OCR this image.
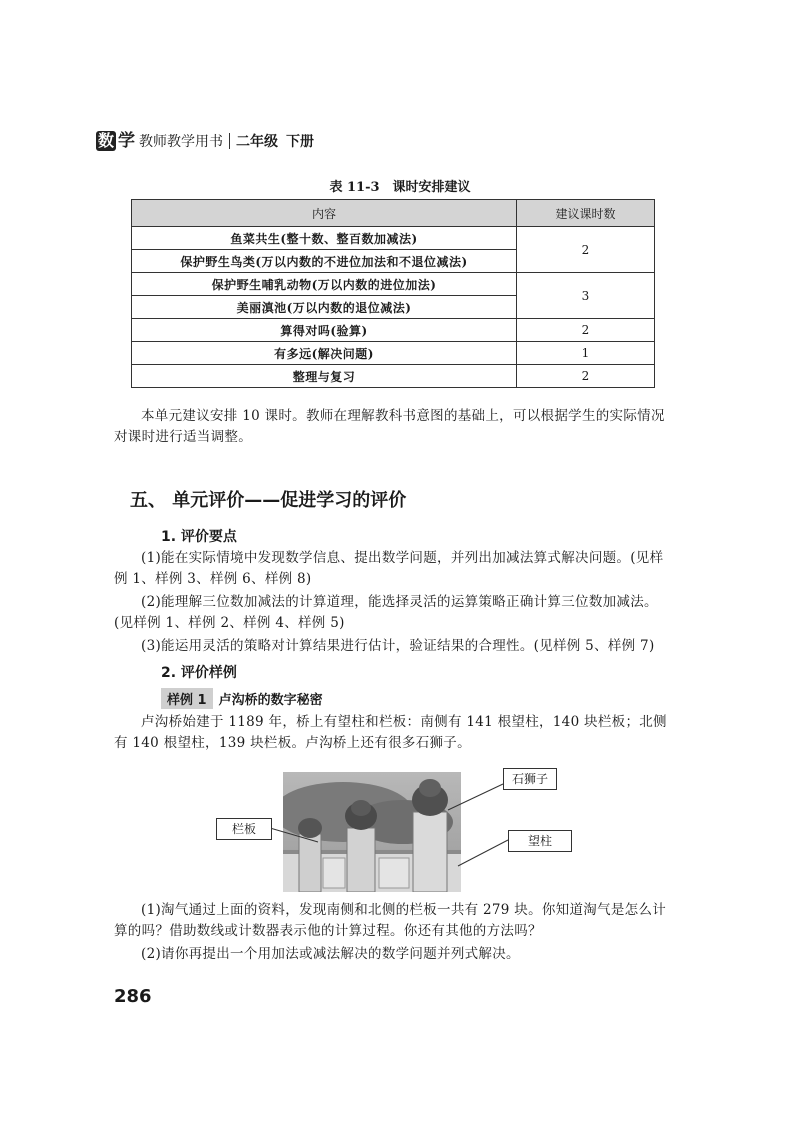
数 学 教师教学用书 二年级 下册
表 11-3　课时安排建议
内容	建议课时数
鱼菜共生(整十数、整百数加减法)	2
保护野生鸟类(万以内数的不进位加法和不退位减法)	
保护野生哺乳动物(万以内数的进位加法)	3
美丽滇池(万以内数的退位减法)	
算得对吗(验算)	2
有多远(解决问题)	1
整理与复习	2
本单元建议安排 10 课时。教师在理解教科书意图的基础上，可以根据学生的实际情况对课时进行适当调整。
五、 单元评价——促进学习的评价
1. 评价要点
(1)能在实际情境中发现数学信息、提出数学问题，并列出加减法算式解决问题。(见样例 1、样例 3、样例 6、样例 8)
(2)能理解三位数加减法的计算道理，能选择灵活的运算策略正确计算三位数加减法。(见样例 1、样例 2、样例 4、样例 5)
(3)能运用灵活的策略对计算结果进行估计，验证结果的合理性。(见样例 5、样例 7)
2. 评价样例
样例 1 卢沟桥的数字秘密
卢沟桥始建于 1189 年，桥上有望柱和栏板：南侧有 141 根望柱，140 块栏板；北侧有 140 根望柱，139 块栏板。卢沟桥上还有很多石狮子。
石狮子
栏板
望柱
(1)淘气通过上面的资料，发现南侧和北侧的栏板一共有 279 块。你知道淘气是怎么计算的吗？借助数线或计数器表示他的计算过程。你还有其他的方法吗？
(2)请你再提出一个用加法或减法解决的数学问题并列式解决。
286
